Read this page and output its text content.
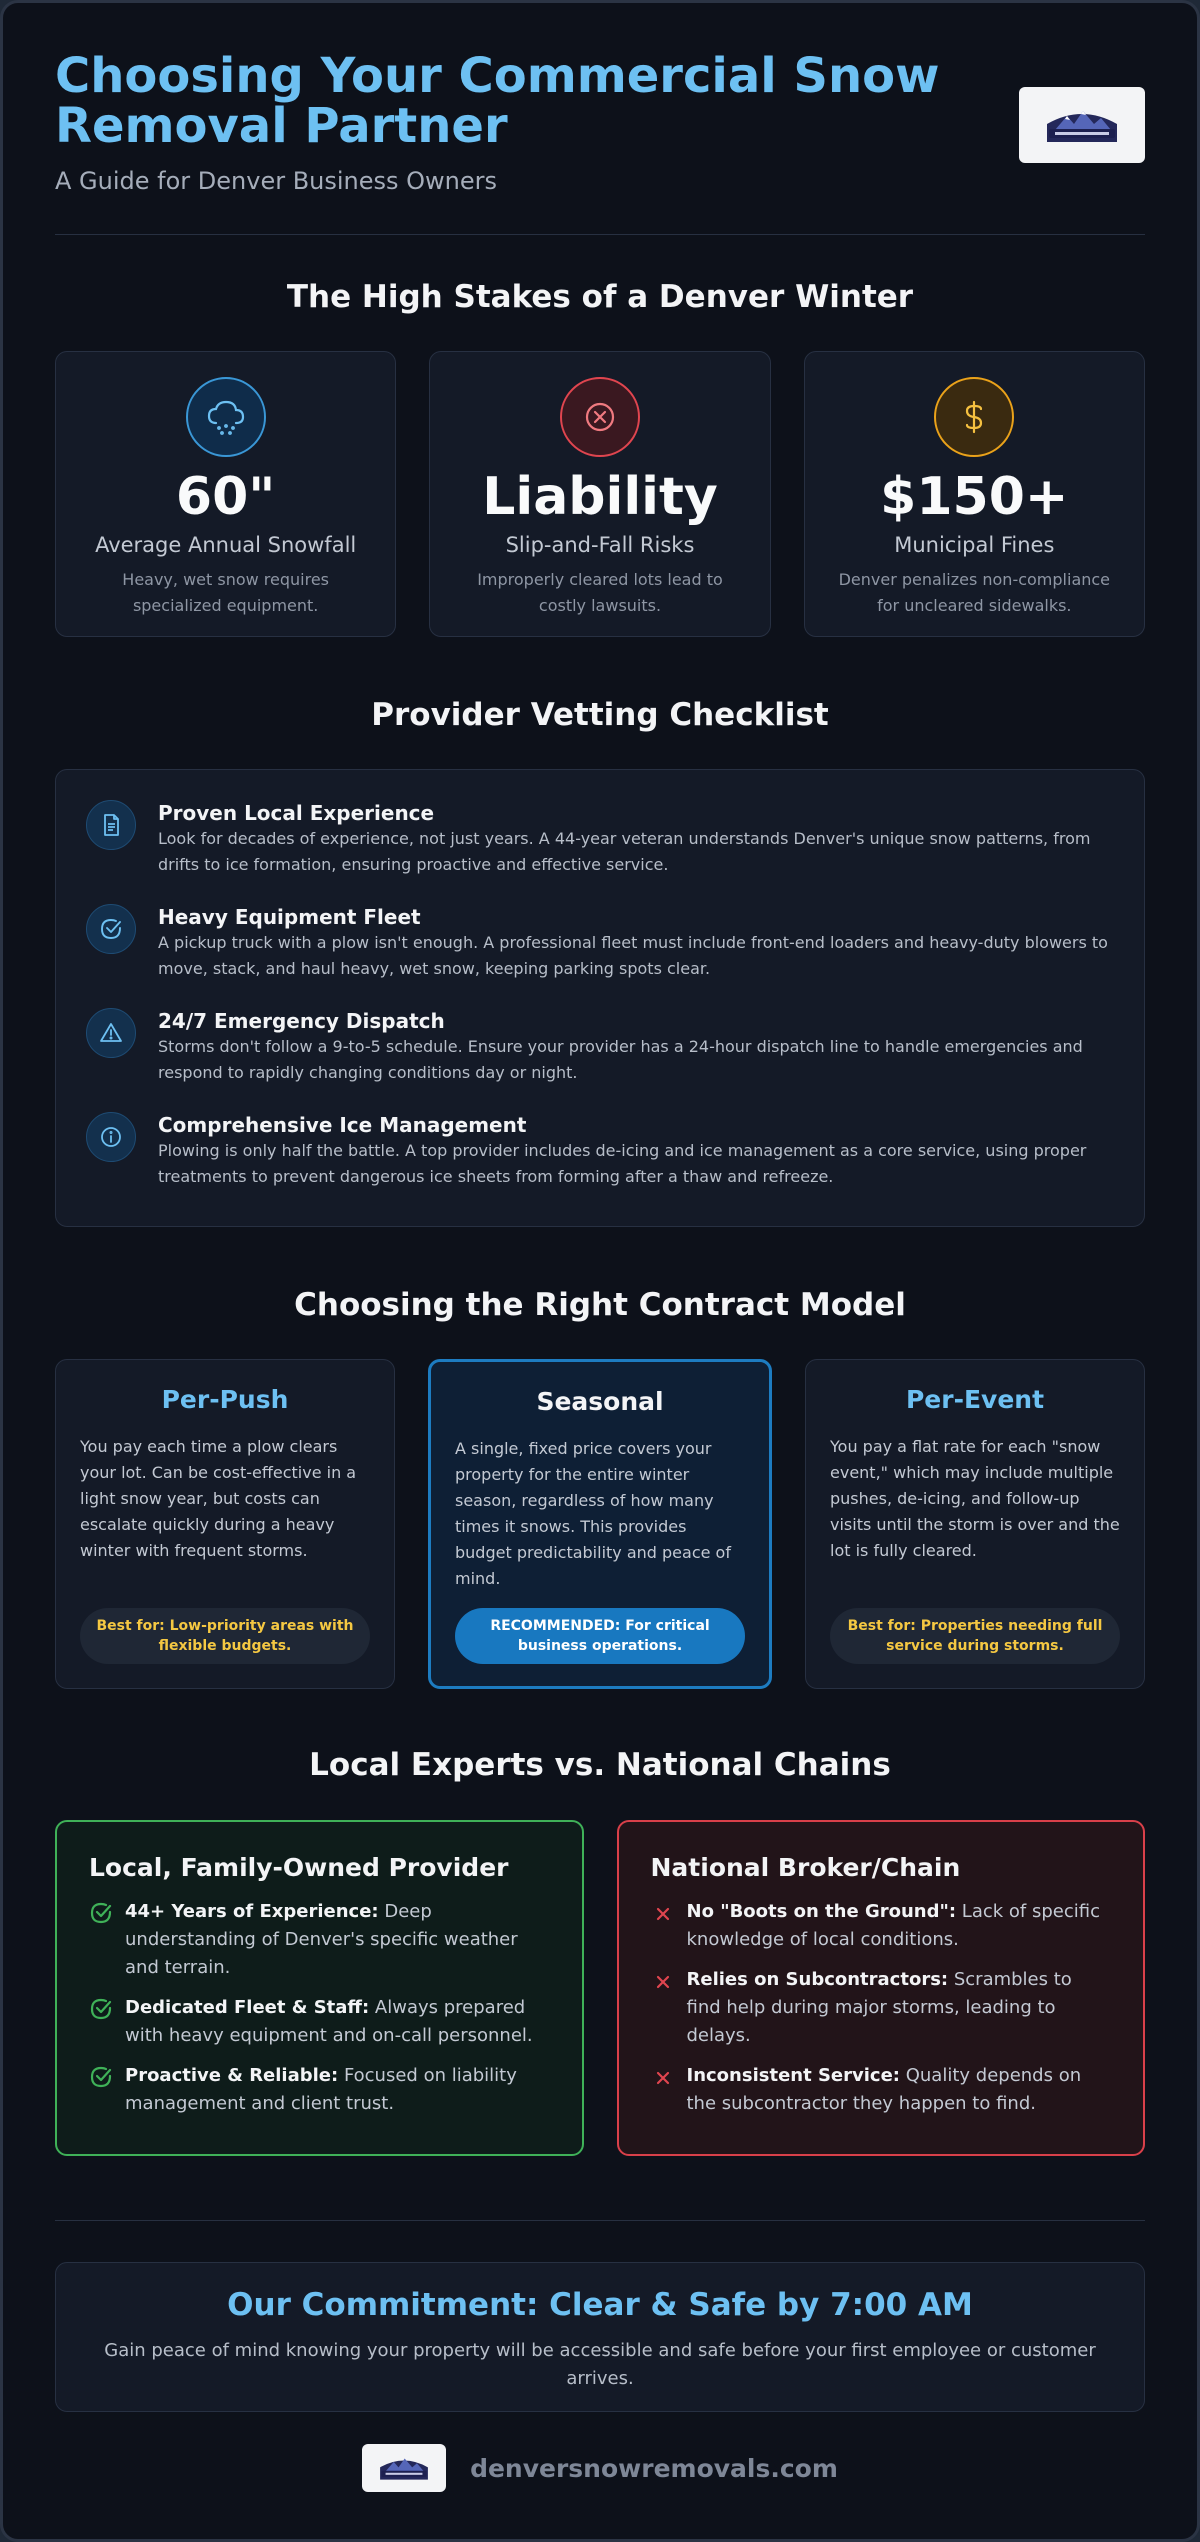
Choosing Your Commercial Snow Removal Partner
A Guide for Denver Business Owners
The High Stakes of a Denver Winter
60"
Average Annual Snowfall
Heavy, wet snow requires specialized equipment.
Liability
Slip-and-Fall Risks
Improperly cleared lots lead to costly lawsuits.
$150+
Municipal Fines
Denver penalizes non-compliance for uncleared sidewalks.
Provider Vetting Checklist
Proven Local Experience
Look for decades of experience, not just years. A 44-year veteran understands Denver's unique snow patterns, from drifts to ice formation, ensuring proactive and effective service.
Heavy Equipment Fleet
A pickup truck with a plow isn't enough. A professional fleet must include front-end loaders and heavy-duty blowers to move, stack, and haul heavy, wet snow, keeping parking spots clear.
24/7 Emergency Dispatch
Storms don't follow a 9-to-5 schedule. Ensure your provider has a 24-hour dispatch line to handle emergencies and respond to rapidly changing conditions day or night.
Comprehensive Ice Management
Plowing is only half the battle. A top provider includes de-icing and ice management as a core service, using proper treatments to prevent dangerous ice sheets from forming after a thaw and refreeze.
Choosing the Right Contract Model
Per-Push
You pay each time a plow clears your lot. Can be cost-effective in a light snow year, but costs can escalate quickly during a heavy winter with frequent storms.
Best for: Low-priority areas with flexible budgets.
Seasonal
A single, fixed price covers your property for the entire winter season, regardless of how many times it snows. This provides budget predictability and peace of mind.
RECOMMENDED: For critical business operations.
Per-Event
You pay a flat rate for each "snow event," which may include multiple pushes, de-icing, and follow-up visits until the storm is over and the lot is fully cleared.
Best for: Properties needing full service during storms.
Local Experts vs. National Chains
Local, Family-Owned Provider
44+ Years of Experience: Deep understanding of Denver's specific weather and terrain.
Dedicated Fleet & Staff: Always prepared with heavy equipment and on-call personnel.
Proactive & Reliable: Focused on liability management and client trust.
National Broker/Chain
No "Boots on the Ground": Lack of specific knowledge of local conditions.
Relies on Subcontractors: Scrambles to find help during major storms, leading to delays.
Inconsistent Service: Quality depends on the subcontractor they happen to find.
Our Commitment: Clear & Safe by 7:00 AM
Gain peace of mind knowing your property will be accessible and safe before your first employee or customer arrives.
denversnowremovals.com
